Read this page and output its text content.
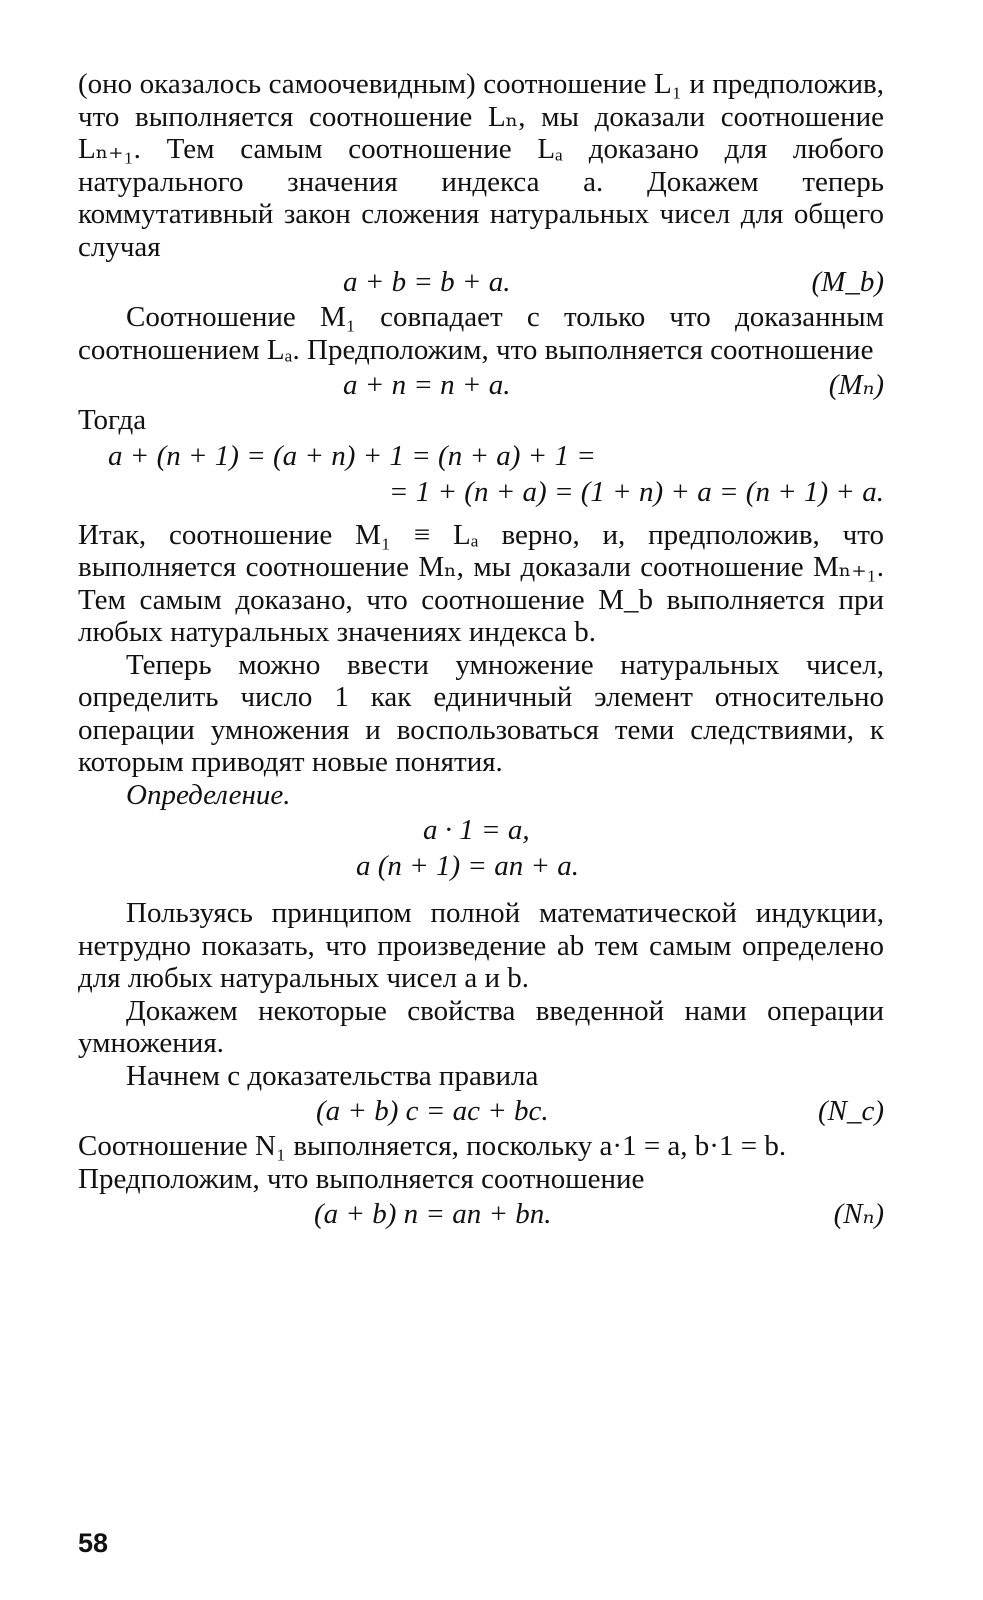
(оно оказалось самоочевидным) соотношение L₁ и предположив, что выполняется соотношение Lₙ, мы доказали соотношение Lₙ₊₁. Тем самым соотношение Lₐ доказано для любого натурального значения индекса a. Докажем теперь коммутативный закон сложения натуральных чисел для общего случая

a + b = b + a.	(M_b)

Соотношение M₁ совпадает с только что доказанным соотношением Lₐ. Предположим, что выполняется соотношение

a + n = n + a.	(Mₙ)

Тогда

a + (n + 1) = (a + n) + 1 = (n + a) + 1 =
= 1 + (n + a) = (1 + n) + a = (n + 1) + a.

Итак, соотношение M₁ ≡ Lₐ верно, и, предположив, что выполняется соотношение Mₙ, мы доказали соотношение Mₙ₊₁. Тем самым доказано, что соотношение M_b выполняется при любых натуральных значениях индекса b.

Теперь можно ввести умножение натуральных чисел, определить число 1 как единичный элемент относительно операции умножения и воспользоваться теми следствиями, к которым приводят новые понятия.

Определение.

a · 1 = a,
a (n + 1) = an + a.

Пользуясь принципом полной математической индукции, нетрудно показать, что произведение ab тем самым определено для любых натуральных чисел a и b.

Докажем некоторые свойства введенной нами операции умножения.

Начнем с доказательства правила

(a + b) c = ac + bc.	(N_c)

Соотношение N₁ выполняется, поскольку a·1 = a, b·1 = b.

Предположим, что выполняется соотношение

(a + b) n = an + bn.	(Nₙ)
58
